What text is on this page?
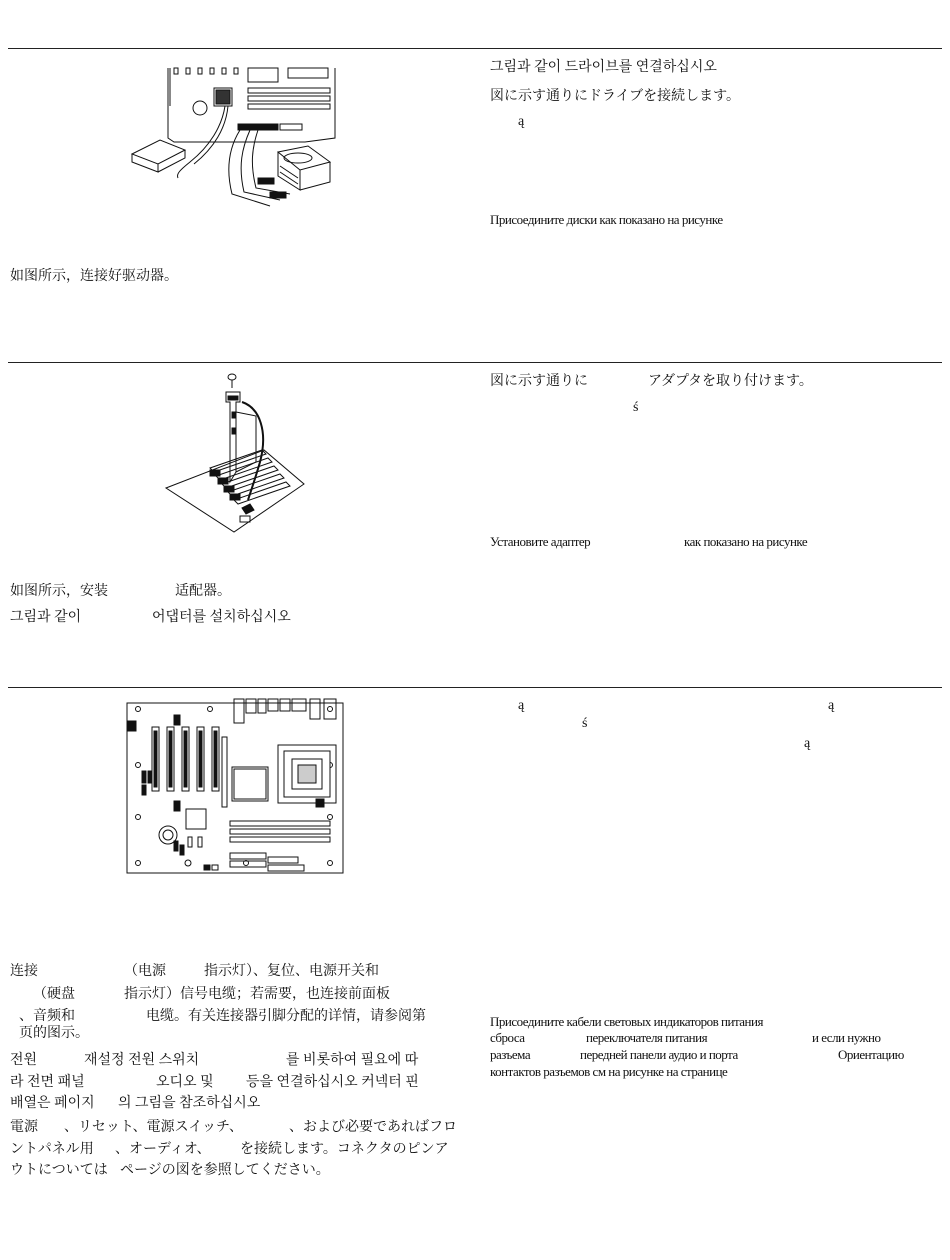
그림과 같이 드라이브를 연결하십시오
図に示す通りにドライブを接続します。
ą
Присоедините диски как показано на рисунке
如图所示，连接好驱动器。
図に示す通りに	アダプタを取り付けます。
ś
Установите адаптер	как показано на рисунке
如图所示，安装	适配器。
그림과 같이	어댑터를 설치하십시오
ą	ą
ś
ą
连接	（电源	指示灯）、复位、电源开关和
（硬盘	指示灯）信号电缆；若需要，也连接前面板
、音频和	电缆。有关连接器引脚分配的详情，请参阅第
页的图示。
전원	재설정 전원 스위치	를 비롯하여 필요에 따
라 전면 패널	오디오 및 등을 연결하십시오 커넥터 핀
배열은 페이지 의 그림을 참조하십시오
電源 、リセット、電源スイッチ、	、および必要であればフロ
ントパネル用 、オーディオ、 を接続します。コネクタのピンア
ウトについては ページの図を参照してください。
Присоедините кабели световых индикаторов питания
сброса	переключателя питания	и если нужно
разъема	передней панели аудио и порта	Ориентацию
контактов разъемов см на рисунке на странице
